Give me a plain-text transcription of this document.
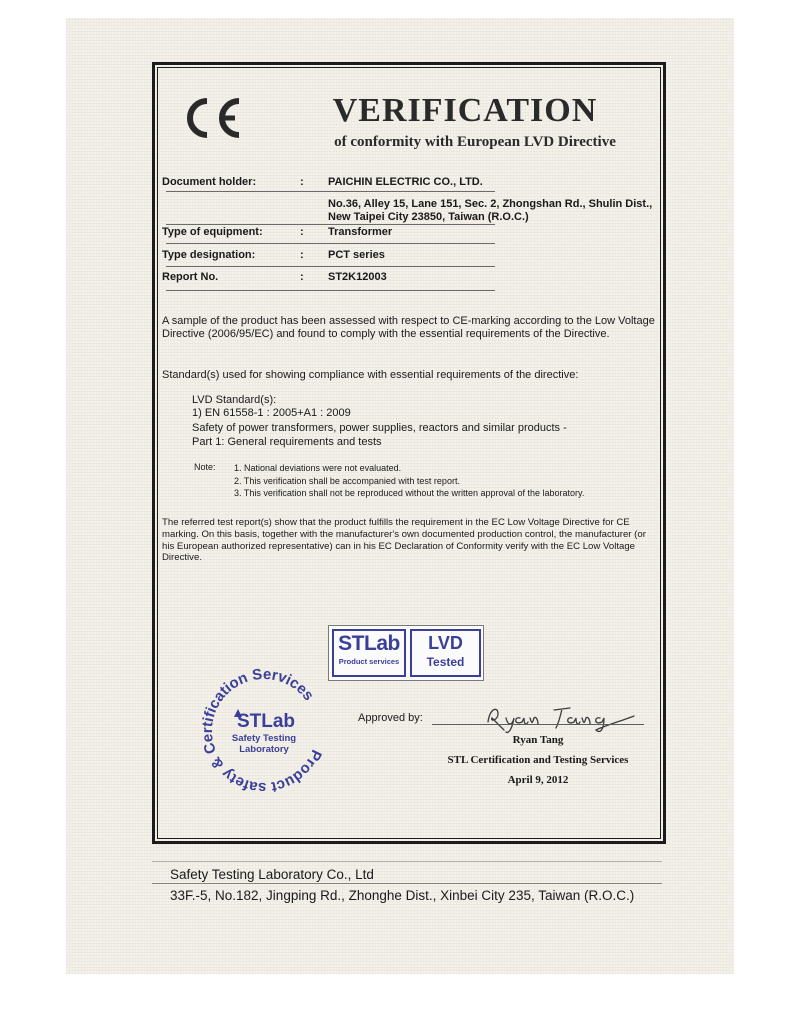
VERIFICATION
of conformity with European LVD Directive
Document holder:	: PAICHIN ELECTRIC CO., LTD.
No.36, Alley 15, Lane 151, Sec. 2, Zhongshan Rd., Shulin Dist., New Taipei City 23850, Taiwan (R.O.C.)
Type of equipment:	: Transformer
Type designation:	: PCT series
Report No.	: ST2K12003
A sample of the product has been assessed with respect to CE-marking according to the Low Voltage Directive (2006/95/EC) and found to comply with the essential requirements of the Directive.
Standard(s) used for showing compliance with essential requirements of the directive:
LVD Standard(s):
1) EN 61558-1 : 2005+A1 : 2009
Safety of power transformers, power supplies, reactors and similar products -
Part 1: General requirements and tests
Note: 1. National deviations were not evaluated.
2. This verification shall be accompanied with test report.
3. This verification shall not be reproduced without the written approval of the laboratory.
The referred test report(s) show that the product fulfills the requirement in the EC Low Voltage Directive for CE marking. On this basis, together with the manufacturer's own documented production control, the manufacturer (or his European authorized representative) can in his EC Declaration of Conformity verify with the EC Low Voltage Directive.
STLab
Product services
LVD
Tested
Product safety & Certification Services
STLab
Safety Testing
Laboratory
Approved by:
Ryan Tang
STL Certification and Testing Services
April 9, 2012
Safety Testing Laboratory Co., Ltd
33F.-5, No.182, Jingping Rd., Zhonghe Dist., Xinbei City 235, Taiwan (R.O.C.)
